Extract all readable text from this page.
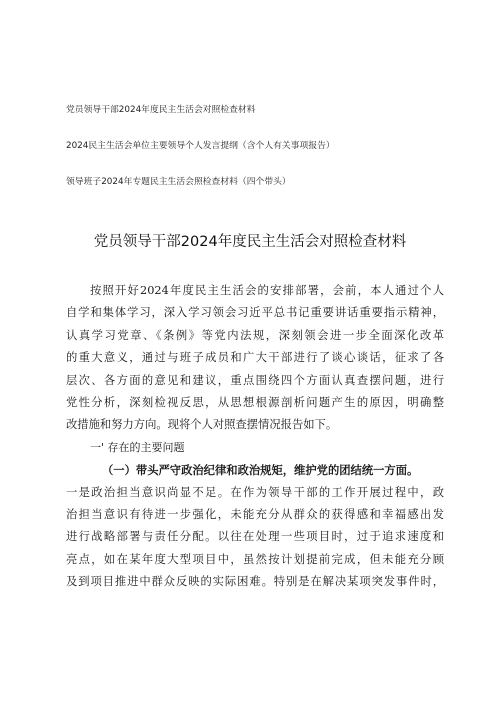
党员领导干部2024年度民主生活会对照检查材料
2024民主生活会单位主要领导个人发言提纲（含个人有关事项报告）
领导班子2024年专题民主生活会照检查材料（四个带头）
党员领导干部2024年度民主生活会对照检查材料
按照开好2024年度民主生活会的安排部署，会前，本人通过个人
自学和集体学习，深入学习领会习近平总书记重要讲话重要指示精神，
认真学习党章、《条例》等党内法规，深刻领会进一步全面深化改革
的重大意义，通过与班子成员和广大干部进行了谈心谈话，征求了各
层次、各方面的意见和建议，重点围绕四个方面认真查摆问题，进行
党性分析，深刻检视反思，从思想根源剖析问题产生的原因，明确整
改措施和努力方向。现将个人对照查摆情况报告如下。
一' 存在的主要问题
（一）带头严守政治纪律和政治规矩，维护党的团结统一方面。
一是政治担当意识尚显不足。在作为领导干部的工作开展过程中，政
治担当意识有待进一步强化，未能充分从群众的获得感和幸福感出发
进行战略部署与责任分配。以往在处理一些项目时，过于追求速度和
亮点，如在某年度大型项目中，虽然按计划提前完成，但未能充分顾
及到项目推进中群众反映的实际困难。特别是在解决某项突发事件时，
